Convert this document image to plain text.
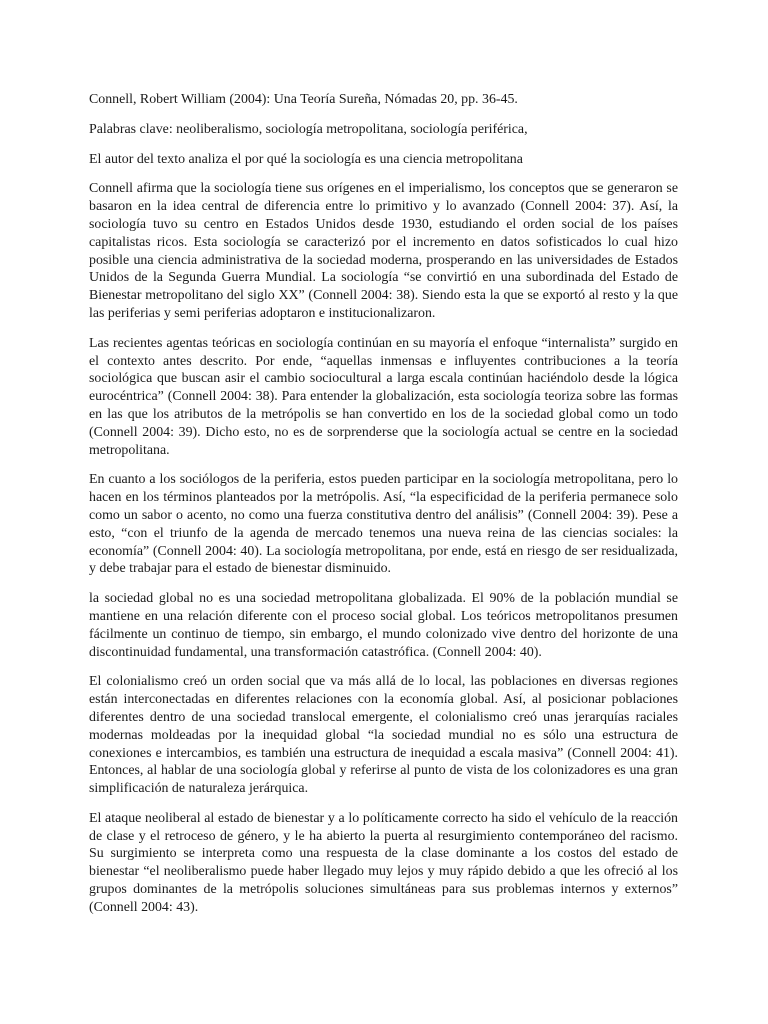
Connell, Robert William (2004): Una Teoría Sureña, Nómadas 20, pp. 36-45.

Palabras clave: neoliberalismo, sociología metropolitana, sociología periférica,

El autor del texto analiza el por qué la sociología es una ciencia metropolitana

Connell afirma que la sociología tiene sus orígenes en el imperialismo, los conceptos que se generaron se basaron en la idea central de diferencia entre lo primitivo y lo avanzado (Connell 2004: 37). Así, la sociología tuvo su centro en Estados Unidos desde 1930, estudiando el orden social de los países capitalistas ricos. Esta sociología se caracterizó por el incremento en datos sofisticados lo cual hizo posible una ciencia administrativa de la sociedad moderna, prosperando en las universidades de Estados Unidos de la Segunda Guerra Mundial. La sociología “se convirtió en una subordinada del Estado de Bienestar metropolitano del siglo XX” (Connell 2004: 38). Siendo esta la que se exportó al resto y la que las periferias y semi periferias adoptaron e institucionalizaron.

Las recientes agentas teóricas en sociología continúan en su mayoría el enfoque “internalista” surgido en el contexto antes descrito. Por ende, “aquellas inmensas e influyentes contribuciones a la teoría sociológica que buscan asir el cambio sociocultural a larga escala continúan haciéndolo desde la lógica eurocéntrica” (Connell 2004: 38). Para entender la globalización, esta sociología teoriza sobre las formas en las que los atributos de la metrópolis se han convertido en los de la sociedad global como un todo (Connell 2004: 39). Dicho esto, no es de sorprenderse que la sociología actual se centre en la sociedad metropolitana.

En cuanto a los sociólogos de la periferia, estos pueden participar en la sociología metropolitana, pero lo hacen en los términos planteados por la metrópolis. Así, “la especificidad de la periferia permanece solo como un sabor o acento, no como una fuerza constitutiva dentro del análisis” (Connell 2004: 39). Pese a esto, “con el triunfo de la agenda de mercado tenemos una nueva reina de las ciencias sociales: la economía” (Connell 2004: 40). La sociología metropolitana, por ende, está en riesgo de ser residualizada, y debe trabajar para el estado de bienestar disminuido.

la sociedad global no es una sociedad metropolitana globalizada. El 90% de la población mundial se mantiene en una relación diferente con el proceso social global. Los teóricos metropolitanos presumen fácilmente un continuo de tiempo, sin embargo, el mundo colonizado vive dentro del horizonte de una discontinuidad fundamental, una transformación catastrófica. (Connell 2004: 40).

El colonialismo creó un orden social que va más allá de lo local, las poblaciones en diversas regiones están interconectadas en diferentes relaciones con la economía global. Así, al posicionar poblaciones diferentes dentro de una sociedad translocal emergente, el colonialismo creó unas jerarquías raciales modernas moldeadas por la inequidad global “la sociedad mundial no es sólo una estructura de conexiones e intercambios, es también una estructura de inequidad a escala masiva” (Connell 2004: 41). Entonces, al hablar de una sociología global y referirse al punto de vista de los colonizadores es una gran simplificación de naturaleza jerárquica.

El ataque neoliberal al estado de bienestar y a lo políticamente correcto ha sido el vehículo de la reacción de clase y el retroceso de género, y le ha abierto la puerta al resurgimiento contemporáneo del racismo. Su surgimiento se interpreta como una respuesta de la clase dominante a los costos del estado de bienestar “el neoliberalismo puede haber llegado muy lejos y muy rápido debido a que les ofreció al los grupos dominantes de la metrópolis soluciones simultáneas para sus problemas internos y externos” (Connell 2004: 43).
